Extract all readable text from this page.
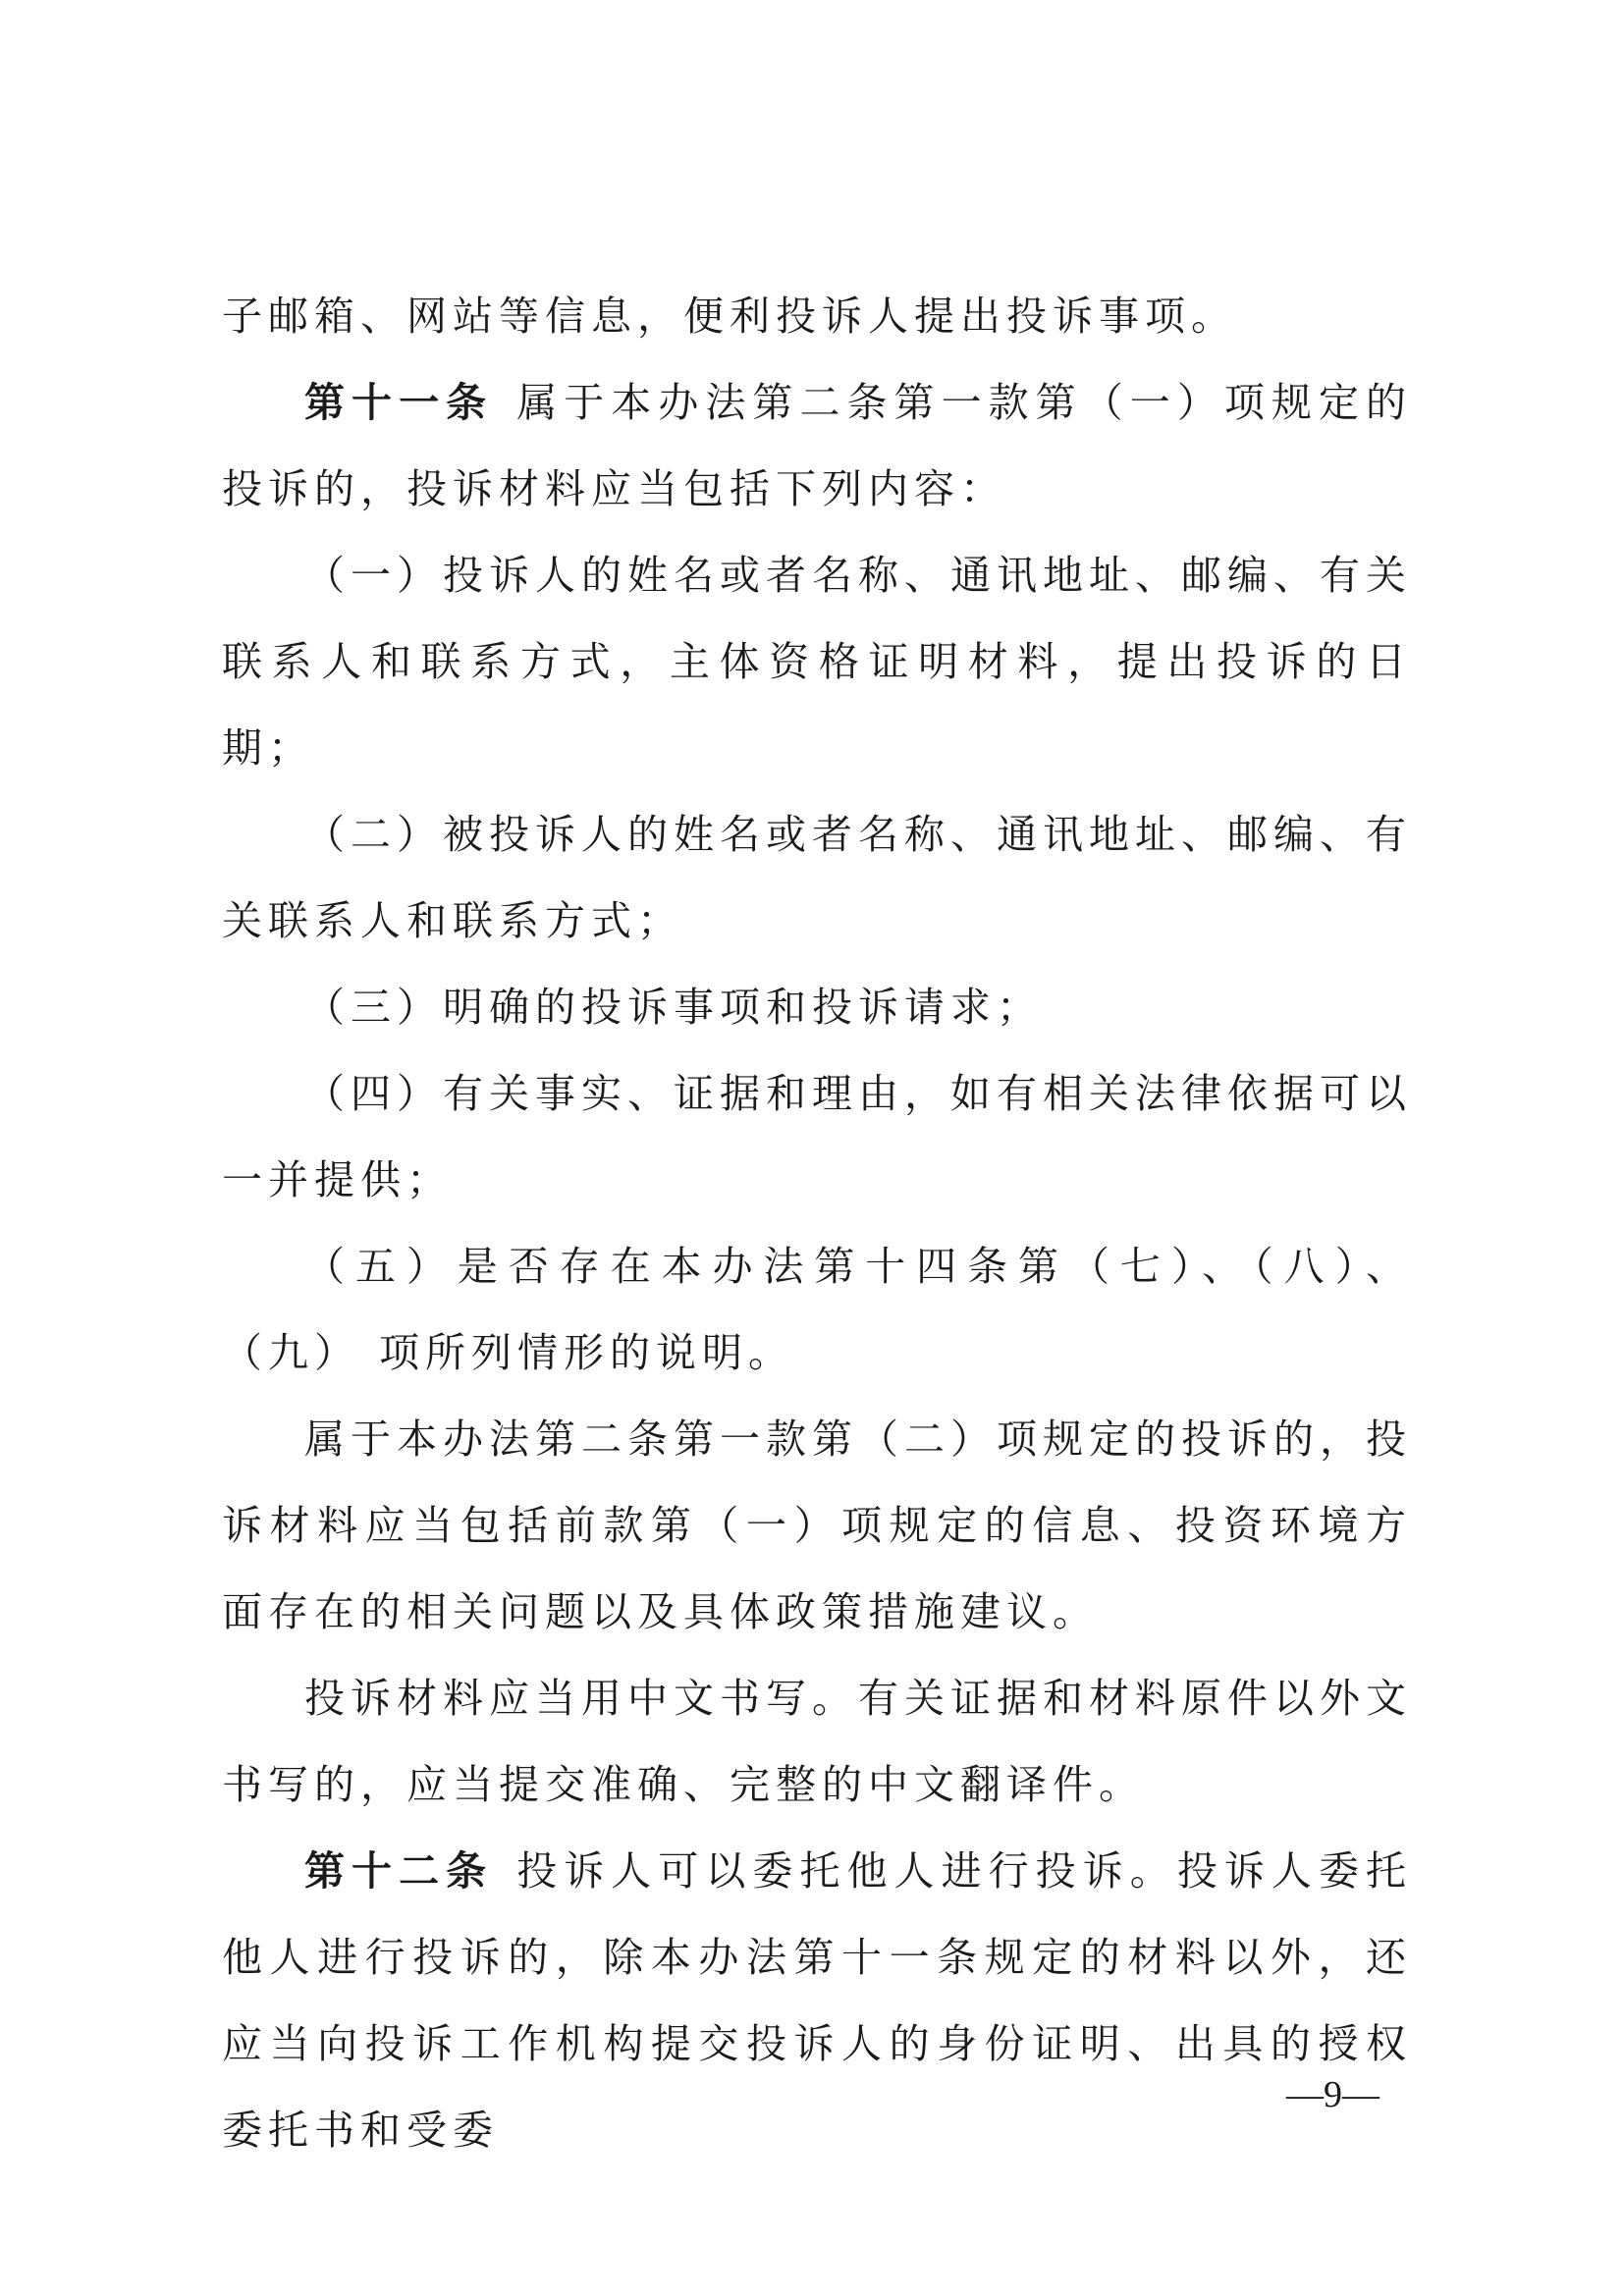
子邮箱、网站等信息，便利投诉人提出投诉事项。

第十一条 属于本办法第二条第一款第（一）项规定的投诉的，投诉材料应当包括下列内容：

（一）投诉人的姓名或者名称、通讯地址、邮编、有关联系人和联系方式，主体资格证明材料，提出投诉的日期；

（二）被投诉人的姓名或者名称、通讯地址、邮编、有关联系人和联系方式；

（三）明确的投诉事项和投诉请求；

（四）有关事实、证据和理由，如有相关法律依据可以一并提供；

（五）是否存在本办法第十四条第（七）、（八）、（九） 项所列情形的说明。

属于本办法第二条第一款第（二）项规定的投诉的，投诉材料应当包括前款第（一）项规定的信息、投资环境方面存在的相关问题以及具体政策措施建议。

投诉材料应当用中文书写。有关证据和材料原件以外文书写的，应当提交准确、完整的中文翻译件。

第十二条 投诉人可以委托他人进行投诉。投诉人委托他人进行投诉的，除本办法第十一条规定的材料以外，还应当向投诉工作机构提交投诉人的身份证明、出具的授权委托书和受委

—9—
